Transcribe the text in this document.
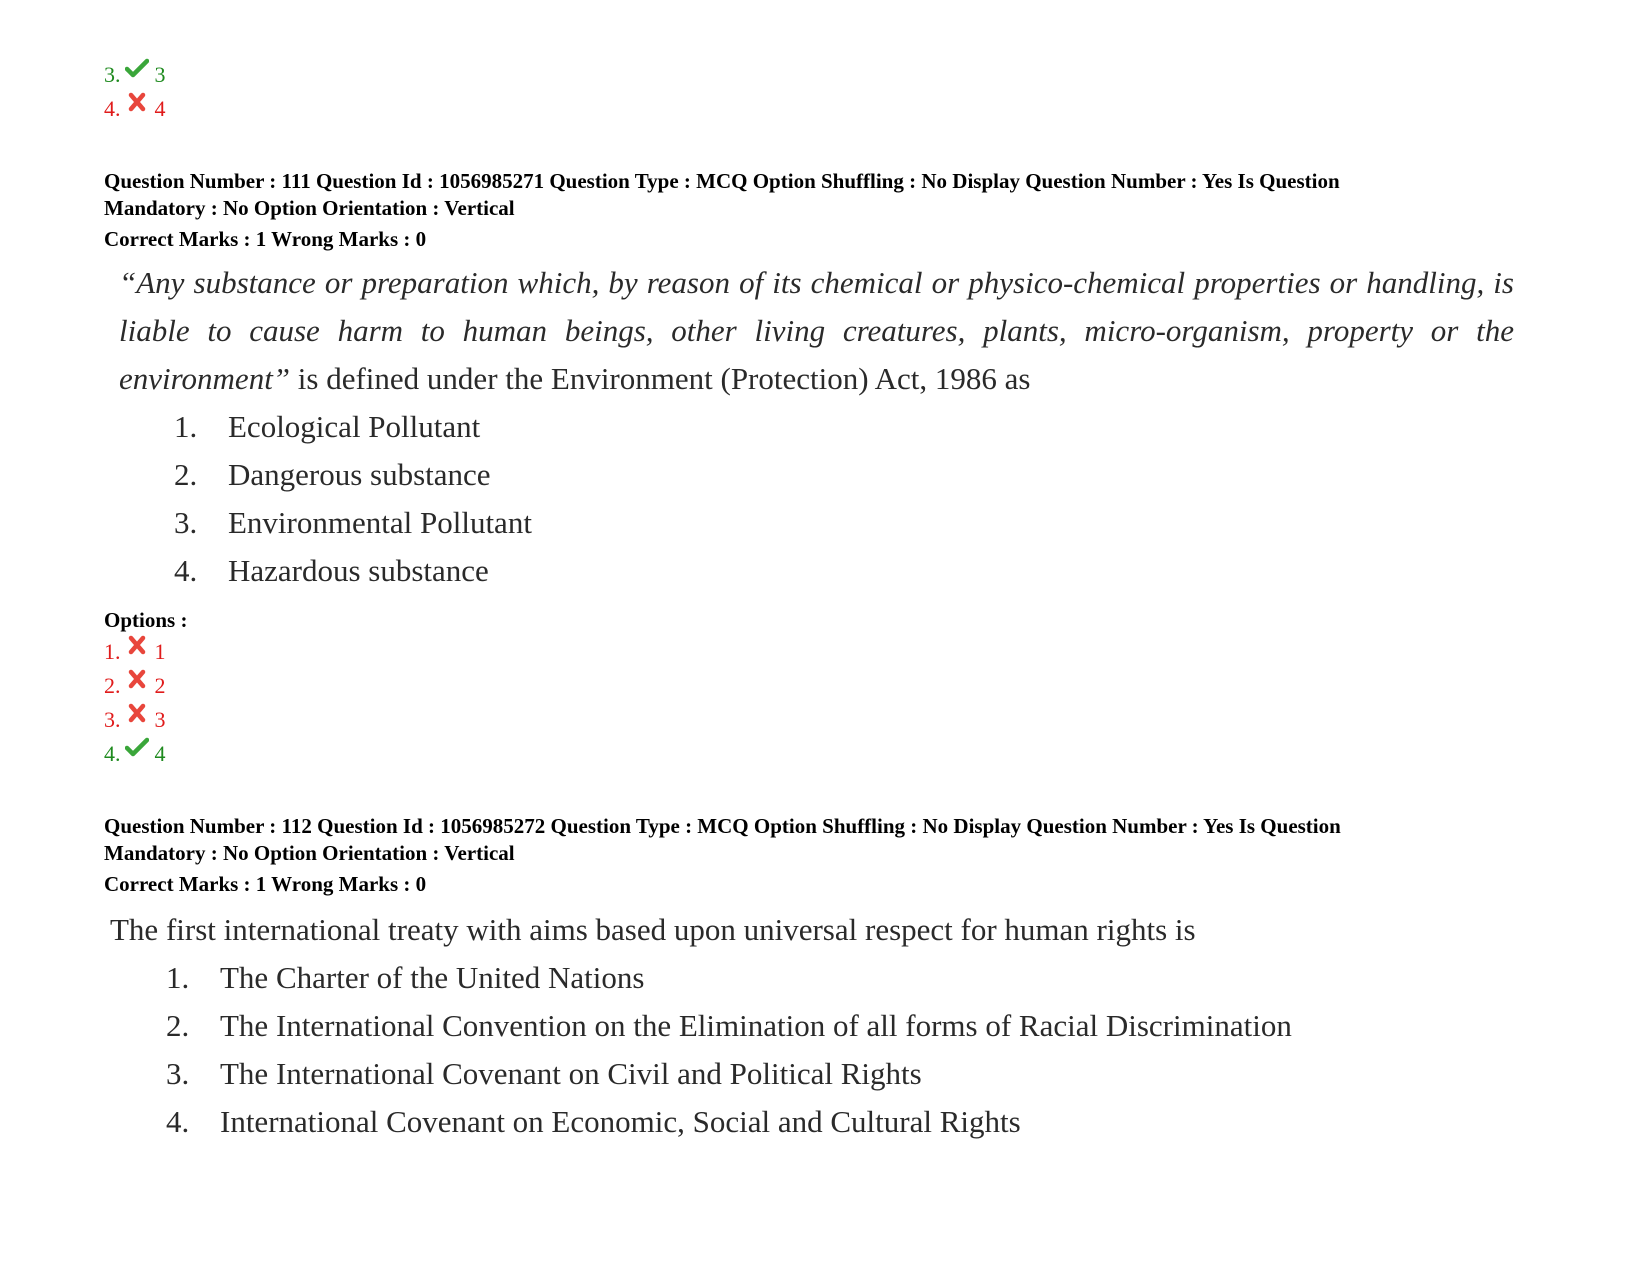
3. 3
4. 4
Question Number : 111 Question Id : 1056985271 Question Type : MCQ Option Shuffling : No Display Question Number : Yes Is Question
Mandatory : No Option Orientation : Vertical
Correct Marks : 1 Wrong Marks : 0
“Any substance or preparation which, by reason of its chemical or physico-chemical properties or handling, is liable to cause harm to human beings, other living creatures, plants, micro-organism, property or the environment” is defined under the Environment (Protection) Act, 1986 as
1. Ecological Pollutant
2. Dangerous substance
3. Environmental Pollutant
4. Hazardous substance
Options :
1. 1
2. 2
3. 3
4. 4
Question Number : 112 Question Id : 1056985272 Question Type : MCQ Option Shuffling : No Display Question Number : Yes Is Question
Mandatory : No Option Orientation : Vertical
Correct Marks : 1 Wrong Marks : 0
The first international treaty with aims based upon universal respect for human rights is
1. The Charter of the United Nations
2. The International Convention on the Elimination of all forms of Racial Discrimination
3. The International Covenant on Civil and Political Rights
4. International Covenant on Economic, Social and Cultural Rights
